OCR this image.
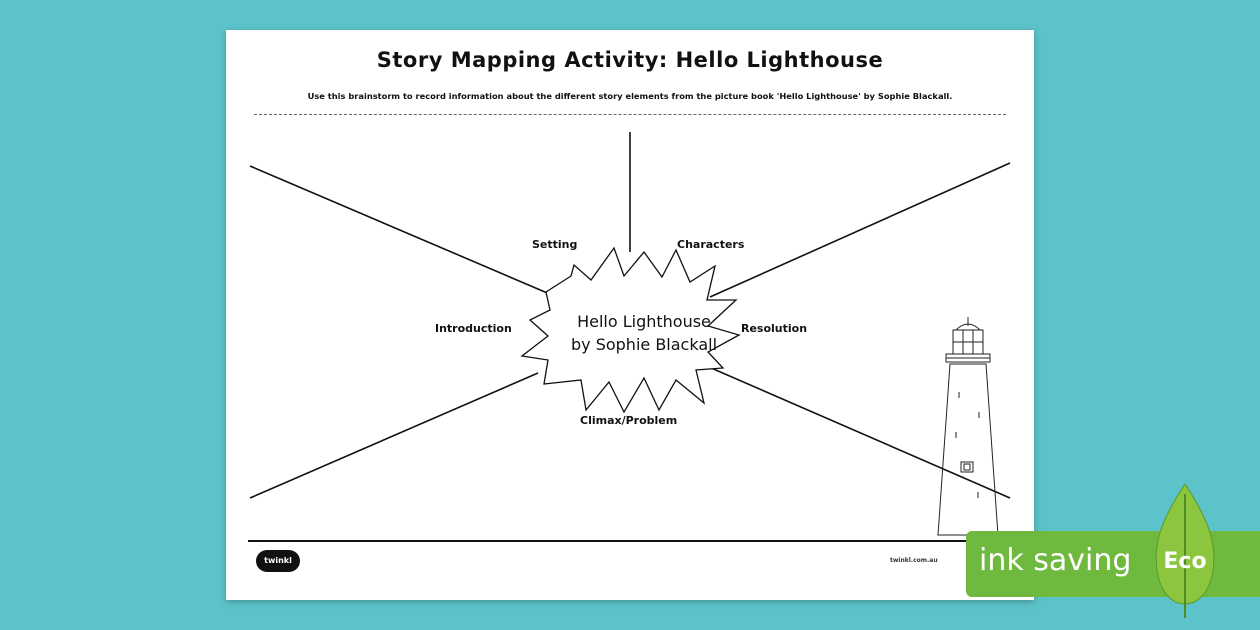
Story Mapping Activity: Hello Lighthouse
Use this brainstorm to record information about the different story elements from the picture book 'Hello Lighthouse' by Sophie Blackall.
Setting	Characters
Introduction	Resolution
Climax/Problem
Hello Lighthouse
by Sophie Blackall
twinkl	twinkl.com.au ink saving	Eco
